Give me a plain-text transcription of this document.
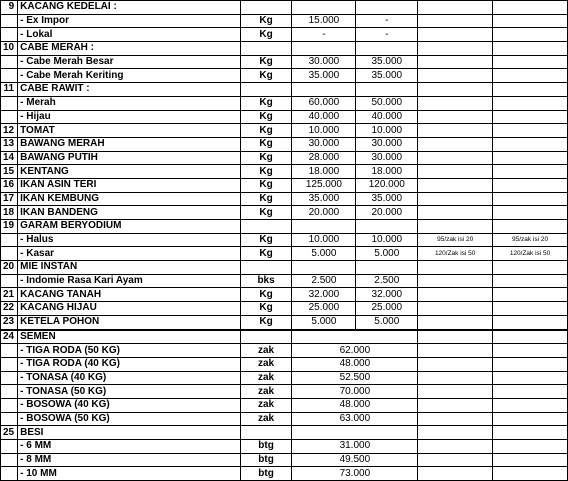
9	KACANG KEDELAI :					
	- Ex Impor	Kg	15.000	-		
	- Lokal	Kg	-	-		
10	CABE MERAH :					
	- Cabe Merah Besar	Kg	30.000	35.000		
	- Cabe Merah Keriting	Kg	35.000	35.000		
11	CABE RAWIT :					
	- Merah	Kg	60.000	50.000		
	- Hijau	Kg	40.000	40.000		
12	TOMAT	Kg	10.000	10.000		
13	BAWANG MERAH	Kg	30.000	30.000		
14	BAWANG PUTIH	Kg	28.000	30.000		
15	KENTANG	Kg	18.000	18.000		
16	IKAN ASIN TERI	Kg	125.000	120.000		
17	IKAN KEMBUNG	Kg	35.000	35.000		
18	IKAN BANDENG	Kg	20.000	20.000		
19	GARAM BERYODIUM					
	- Halus	Kg	10.000	10.000	95/zak isi 20	95/zak isi 20
	- Kasar	Kg	5.000	5.000	120/Zak isi 50	120/Zak isi 50
20	MIE INSTAN					
	- Indomie Rasa Kari Ayam	bks	2.500	2.500		
21	KACANG TANAH	Kg	32.000	32.000		
22	KACANG HIJAU	Kg	25.000	25.000		
23	KETELA POHON	Kg	5.000	5.000		
24	SEMEN					
	- TIGA RODA (50 KG)	zak	62.000			
	- TIGA RODA (40 KG)	zak	48.000			
	- TONASA (40 KG)	zak	52.500			
	- TONASA (50 KG)	zak	70.000			
	- BOSOWA (40 KG)	zak	48.000			
	- BOSOWA (50 KG)	zak	63.000			
25	BESI					
	- 6 MM	btg	31.000			
	- 8 MM	btg	49.500			
	- 10 MM	btg	73.000			
